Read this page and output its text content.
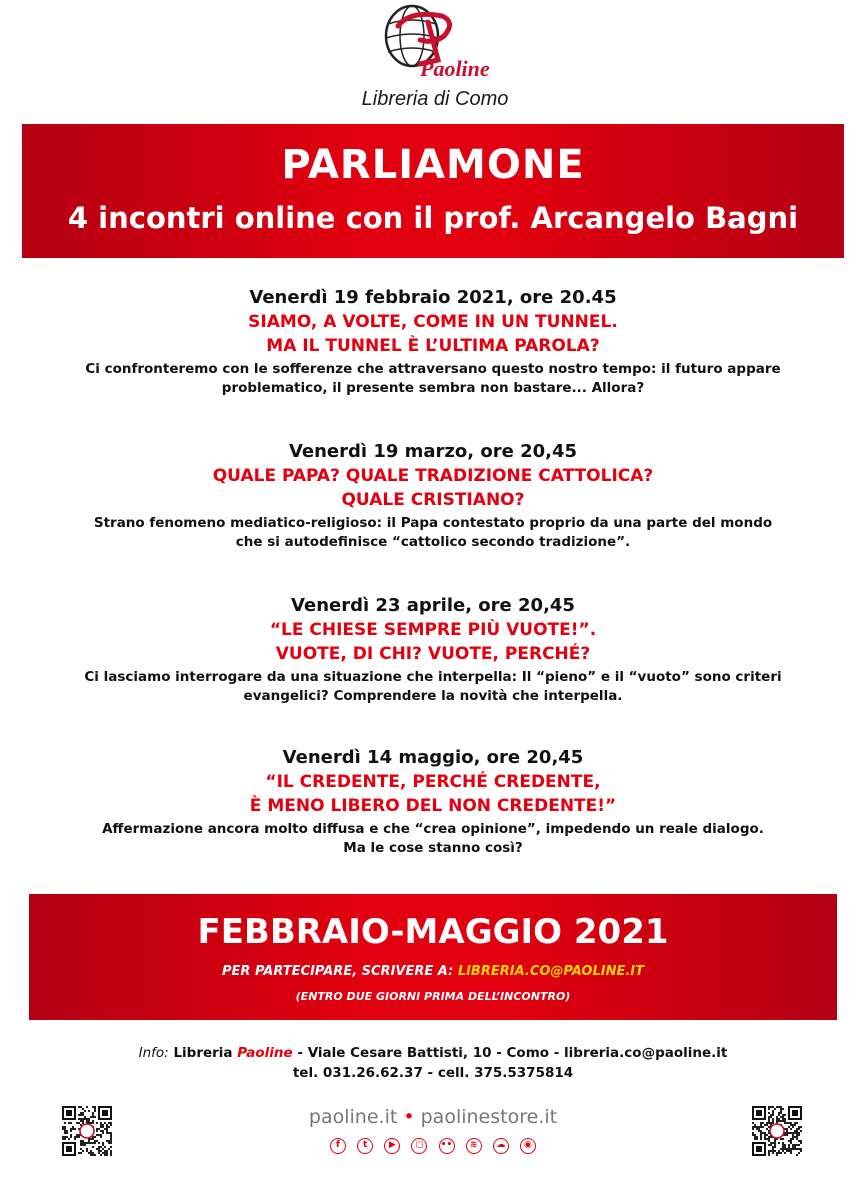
Paoline
Libreria di Como
PARLIAMONE
4 incontri online con il prof. Arcangelo Bagni
Venerdì 19 febbraio 2021, ore 20.45
SIAMO, A VOLTE, COME IN UN TUNNEL.
MA IL TUNNEL È L’ULTIMA PAROLA?
Ci confronteremo con le sofferenze che attraversano questo nostro tempo: il futuro appare
problematico, il presente sembra non bastare... Allora?
Venerdì 19 marzo, ore 20,45
QUALE PAPA? QUALE TRADIZIONE CATTOLICA?
QUALE CRISTIANO?
Strano fenomeno mediatico-religioso: il Papa contestato proprio da una parte del mondo
che si autodefinisce “cattolico secondo tradizione”.
Venerdì 23 aprile, ore 20,45
“LE CHIESE SEMPRE PIÙ VUOTE!”.
VUOTE, DI CHI? VUOTE, PERCHÉ?
Ci lasciamo interrogare da una situazione che interpella: Il “pieno” e il “vuoto” sono criteri
evangelici? Comprendere la novità che interpella.
Venerdì 14 maggio, ore 20,45
“IL CREDENTE, PERCHÉ CREDENTE,
È MENO LIBERO DEL NON CREDENTE!”
Affermazione ancora molto diffusa e che “crea opinione”, impedendo un reale dialogo.
Ma le cose stanno così?
FEBBRAIO-MAGGIO 2021
PER PARTECIPARE, SCRIVERE A: LIBRERIA.CO@PAOLINE.IT
(ENTRO DUE GIORNI PRIMA DELL’INCONTRO)
Info: Libreria Paoline - Viale Cesare Battisti, 10 - Como - libreria.co@paoline.it
tel. 031.26.62.37 - cell. 375.5375814
paoline.it • paolinestore.it
f	t	▶	◻	••	≋	☁	◉
